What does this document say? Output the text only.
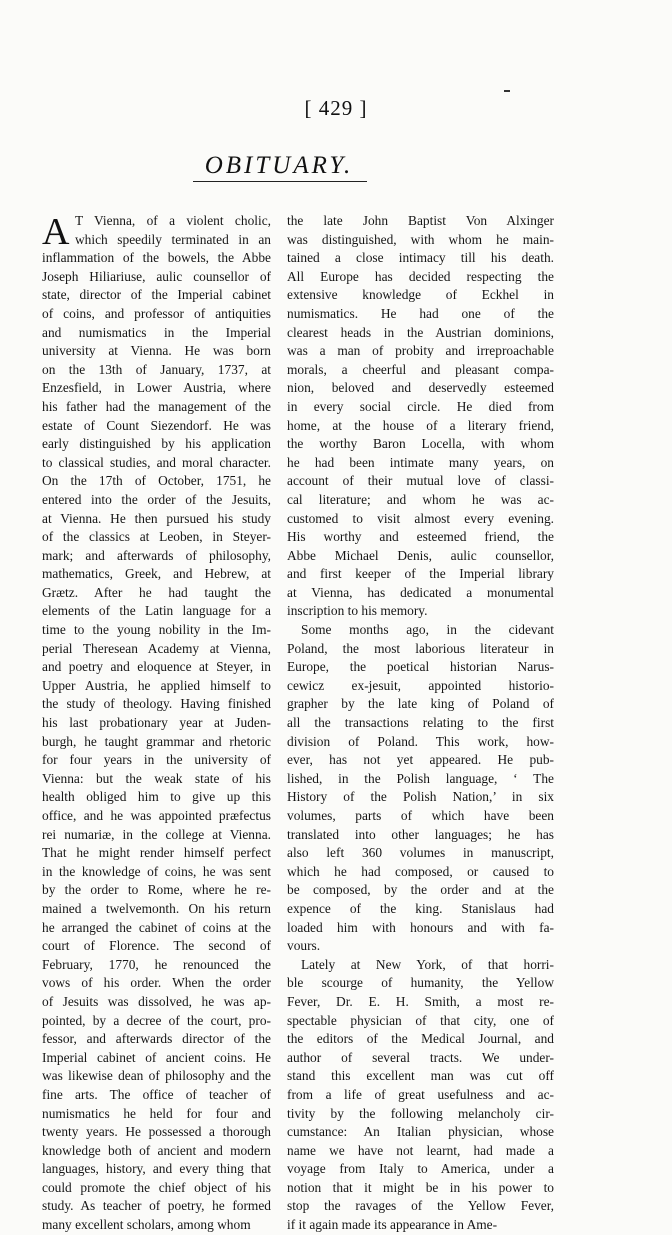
[ 429 ]
OBITUARY.
A T Vienna, of a violent cholic,
which speedily terminated in an
inflammation of the bowels, the Abbe
Joseph Hiliariuse, aulic counsellor of
state, director of the Imperial cabinet
of coins, and professor of antiquities
and numismatics in the Imperial
university at Vienna. He was born
on the 13th of January, 1737, at
Enzesfield, in Lower Austria, where
his father had the management of the
estate of Count Siezendorf. He was
early distinguished by his application
to classical studies, and moral character.
On the 17th of October, 1751, he
entered into the order of the Jesuits,
at Vienna. He then pursued his study
of the classics at Leoben, in Steyer-
mark; and afterwards of philosophy,
mathematics, Greek, and Hebrew, at
Grætz. After he had taught the
elements of the Latin language for a
time to the young nobility in the Im-
perial Theresean Academy at Vienna,
and poetry and eloquence at Steyer, in
Upper Austria, he applied himself to
the study of theology. Having finished
his last probationary year at Juden-
burgh, he taught grammar and rhetoric
for four years in the university of
Vienna: but the weak state of his
health obliged him to give up this
office, and he was appointed præfectus
rei numariæ, in the college at Vienna.
That he might render himself perfect
in the knowledge of coins, he was sent
by the order to Rome, where he re-
mained a twelvemonth. On his return
he arranged the cabinet of coins at the
court of Florence. The second of
February, 1770, he renounced the
vows of his order. When the order
of Jesuits was dissolved, he was ap-
pointed, by a decree of the court, pro-
fessor, and afterwards director of the
Imperial cabinet of ancient coins. He
was likewise dean of philosophy and the
fine arts. The office of teacher of
numismatics he held for four and
twenty years. He possessed a thorough
knowledge both of ancient and modern
languages, history, and every thing that
could promote the chief object of his
study. As teacher of poetry, he formed
many excellent scholars, among whom
the late John Baptist Von Alxinger
was distinguished, with whom he main-
tained a close intimacy till his death.
All Europe has decided respecting the
extensive knowledge of Eckhel in
numismatics. He had one of the
clearest heads in the Austrian dominions,
was a man of probity and irreproachable
morals, a cheerful and pleasant compa-
nion, beloved and deservedly esteemed
in every social circle. He died from
home, at the house of a literary friend,
the worthy Baron Locella, with whom
he had been intimate many years, on
account of their mutual love of classi-
cal literature; and whom he was ac-
customed to visit almost every evening.
His worthy and esteemed friend, the
Abbe Michael Denis, aulic counsellor,
and first keeper of the Imperial library
at Vienna, has dedicated a monumental
inscription to his memory.
Some months ago, in the cidevant
Poland, the most laborious literateur in
Europe, the poetical historian Narus-
cewicz ex-jesuit, appointed historio-
grapher by the late king of Poland of
all the transactions relating to the first
division of Poland. This work, how-
ever, has not yet appeared. He pub-
lished, in the Polish language, ‘ The
History of the Polish Nation,’ in six
volumes, parts of which have been
translated into other languages; he has
also left 360 volumes in manuscript,
which he had composed, or caused to
be composed, by the order and at the
expence of the king. Stanislaus had
loaded him with honours and with fa-
vours.
Lately at New York, of that horri-
ble scourge of humanity, the Yellow
Fever, Dr. E. H. Smith, a most re-
spectable physician of that city, one of
the editors of the Medical Journal, and
author of several tracts. We under-
stand this excellent man was cut off
from a life of great usefulness and ac-
tivity by the following melancholy cir-
cumstance: An Italian physician, whose
name we have not learnt, had made a
voyage from Italy to America, under a
notion that it might be in his power to
stop the ravages of the Yellow Fever,
if it again made its appearance in Ame-
